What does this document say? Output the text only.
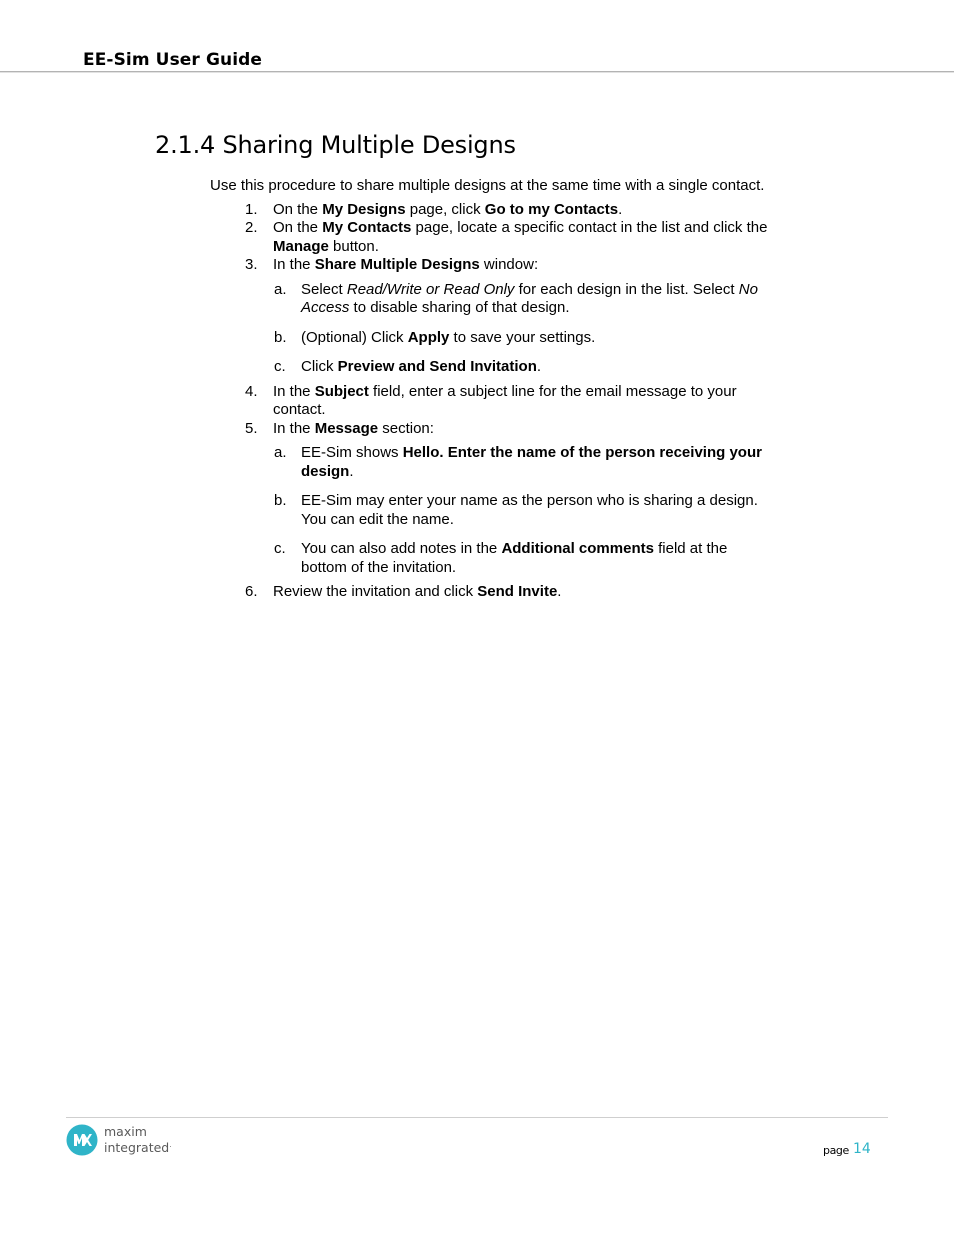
EE-Sim User Guide
2.1.4 Sharing Multiple Designs

Use this procedure to share multiple designs at the same time with a single contact.

1. On the My Designs page, click Go to my Contacts.

2. On the My Contacts page, locate a specific contact in the list and click the Manage button.

3. In the Share Multiple Designs window:

a. Select Read/Write or Read Only for each design in the list. Select No Access to disable sharing of that design.

b. (Optional) Click Apply to save your settings.

c. Click Preview and Send Invitation.

4. In the Subject field, enter a subject line for the email message to your contact.

5. In the Message section:

a. EE-Sim shows Hello. Enter the name of the person receiving your design.

b. EE-Sim may enter your name as the person who is sharing a design. You can edit the name.

c. You can also add notes in the Additional comments field at the bottom of the invitation.

6. Review the invitation and click Send Invite.

maxim
integrated.	page 14
